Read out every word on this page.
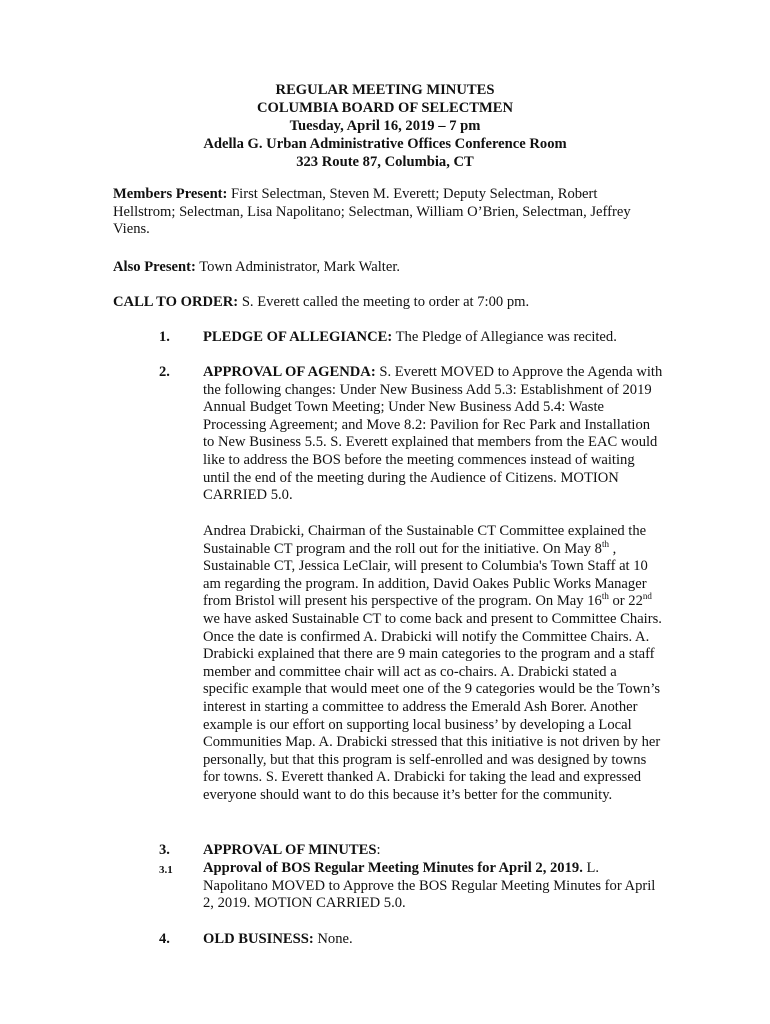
REGULAR MEETING MINUTES
COLUMBIA BOARD OF SELECTMEN
Tuesday, April 16, 2019 – 7 pm
Adella G. Urban Administrative Offices Conference Room
323 Route 87, Columbia, CT
Members Present: First Selectman, Steven M. Everett; Deputy Selectman, Robert Hellstrom; Selectman, Lisa Napolitano; Selectman, William O’Brien, Selectman, Jeffrey Viens.
Also Present: Town Administrator, Mark Walter.
CALL TO ORDER: S. Everett called the meeting to order at 7:00 pm.
1. PLEDGE OF ALLEGIANCE: The Pledge of Allegiance was recited.
2. APPROVAL OF AGENDA: S. Everett MOVED to Approve the Agenda with the following changes: Under New Business Add 5.3: Establishment of 2019 Annual Budget Town Meeting; Under New Business Add 5.4: Waste Processing Agreement; and Move 8.2: Pavilion for Rec Park and Installation to New Business 5.5. S. Everett explained that members from the EAC would like to address the BOS before the meeting commences instead of waiting until the end of the meeting during the Audience of Citizens. MOTION CARRIED 5.0.
Andrea Drabicki, Chairman of the Sustainable CT Committee explained the Sustainable CT program and the roll out for the initiative. On May 8th , Sustainable CT, Jessica LeClair, will present to Columbia's Town Staff at 10 am regarding the program. In addition, David Oakes Public Works Manager from Bristol will present his perspective of the program. On May 16th or 22nd we have asked Sustainable CT to come back and present to Committee Chairs. Once the date is confirmed A. Drabicki will notify the Committee Chairs. A. Drabicki explained that there are 9 main categories to the program and a staff member and committee chair will act as co-chairs. A. Drabicki stated a specific example that would meet one of the 9 categories would be the Town’s interest in starting a committee to address the Emerald Ash Borer. Another example is our effort on supporting local business’ by developing a Local Communities Map. A. Drabicki stressed that this initiative is not driven by her personally, but that this program is self-enrolled and was designed by towns for towns. S. Everett thanked A. Drabicki for taking the lead and expressed everyone should want to do this because it’s better for the community.
3. APPROVAL OF MINUTES:
3.1 Approval of BOS Regular Meeting Minutes for April 2, 2019. L. Napolitano MOVED to Approve the BOS Regular Meeting Minutes for April 2, 2019. MOTION CARRIED 5.0.
4. OLD BUSINESS: None.
